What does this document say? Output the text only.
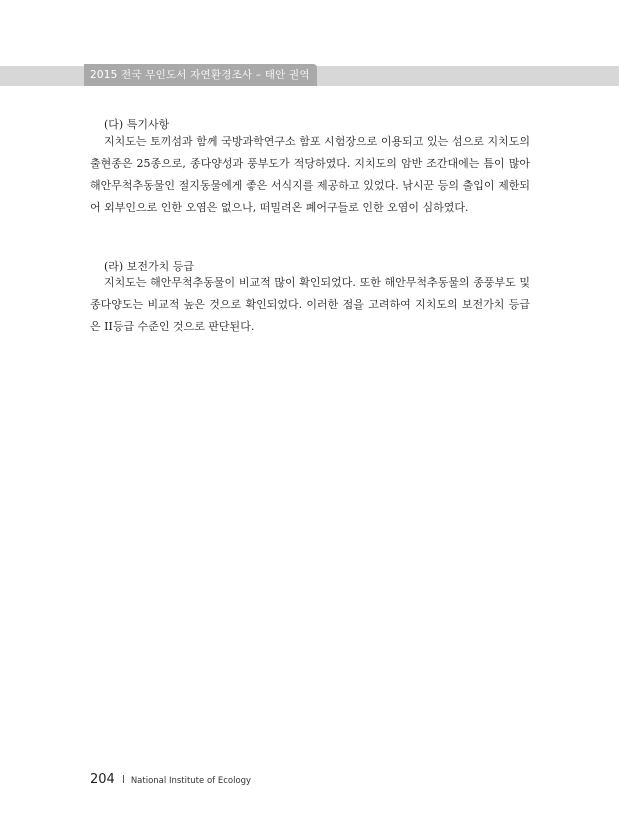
2015 전국 무인도서 자연환경조사 – 태안 권역
(다) 특기사항
지치도는 토끼섬과 함께 국방과학연구소 함포 시험장으로 이용되고 있는 섬으로 지치도의 출현종은 25종으로, 종다양성과 풍부도가 적당하였다. 지치도의 암반 조간대에는 틈이 많아 해안무척추동물인 절지동물에게 좋은 서식지를 제공하고 있었다. 낚시꾼 등의 출입이 제한되어 외부인으로 인한 오염은 없으나, 떠밀려온 폐어구들로 인한 오염이 심하였다.
(라) 보전가치 등급
지치도는 해안무척추동물이 비교적 많이 확인되었다. 또한 해안무척추동물의 종풍부도 및 종다양도는 비교적 높은 것으로 확인되었다. 이러한 점을 고려하여 지치도의 보전가치 등급은 II등급 수준인 것으로 판단된다.
204 National Institute of Ecology
